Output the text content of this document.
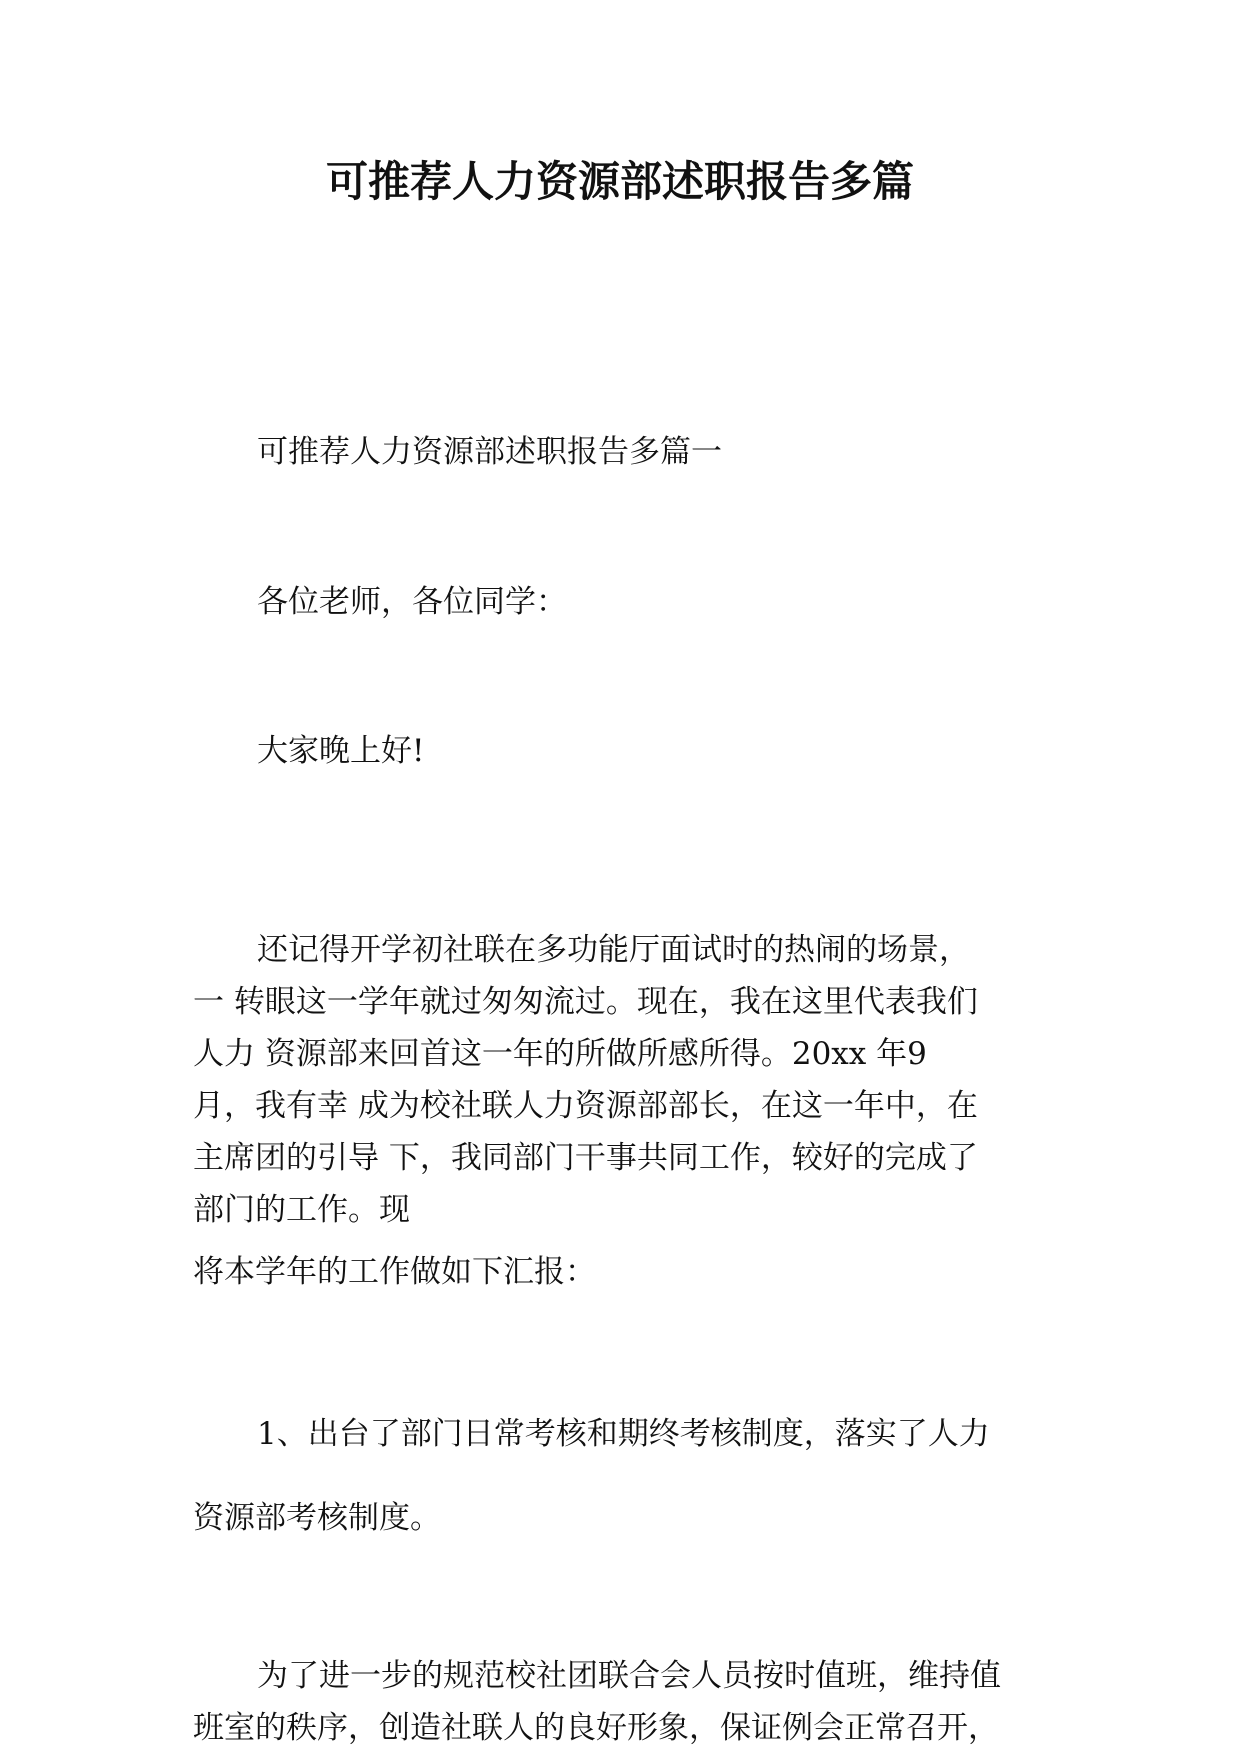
可推荐人力资源部述职报告多篇
可推荐人力资源部述职报告多篇一
各位老师，各位同学：
大家晚上好!
还记得开学初社联在多功能厅面试时的热闹的场景，
一 转眼这一学年就过匆匆流过。现在，我在这里代表我们
人力 资源部来回首这一年的所做所感所得。20xx 年9
月，我有幸 成为校社联人力资源部部长，在这一年中，在
主席团的引导 下，我同部门干事共同工作，较好的完成了
部门的工作。现
将本学年的工作做如下汇报：
1、出台了部门日常考核和期终考核制度，落实了人力
资源部考核制度。
为了进一步的规范校社团联合会人员按时值班，维持值
班室的秩序，创造社联人的良好形象，保证例会正常召开，
